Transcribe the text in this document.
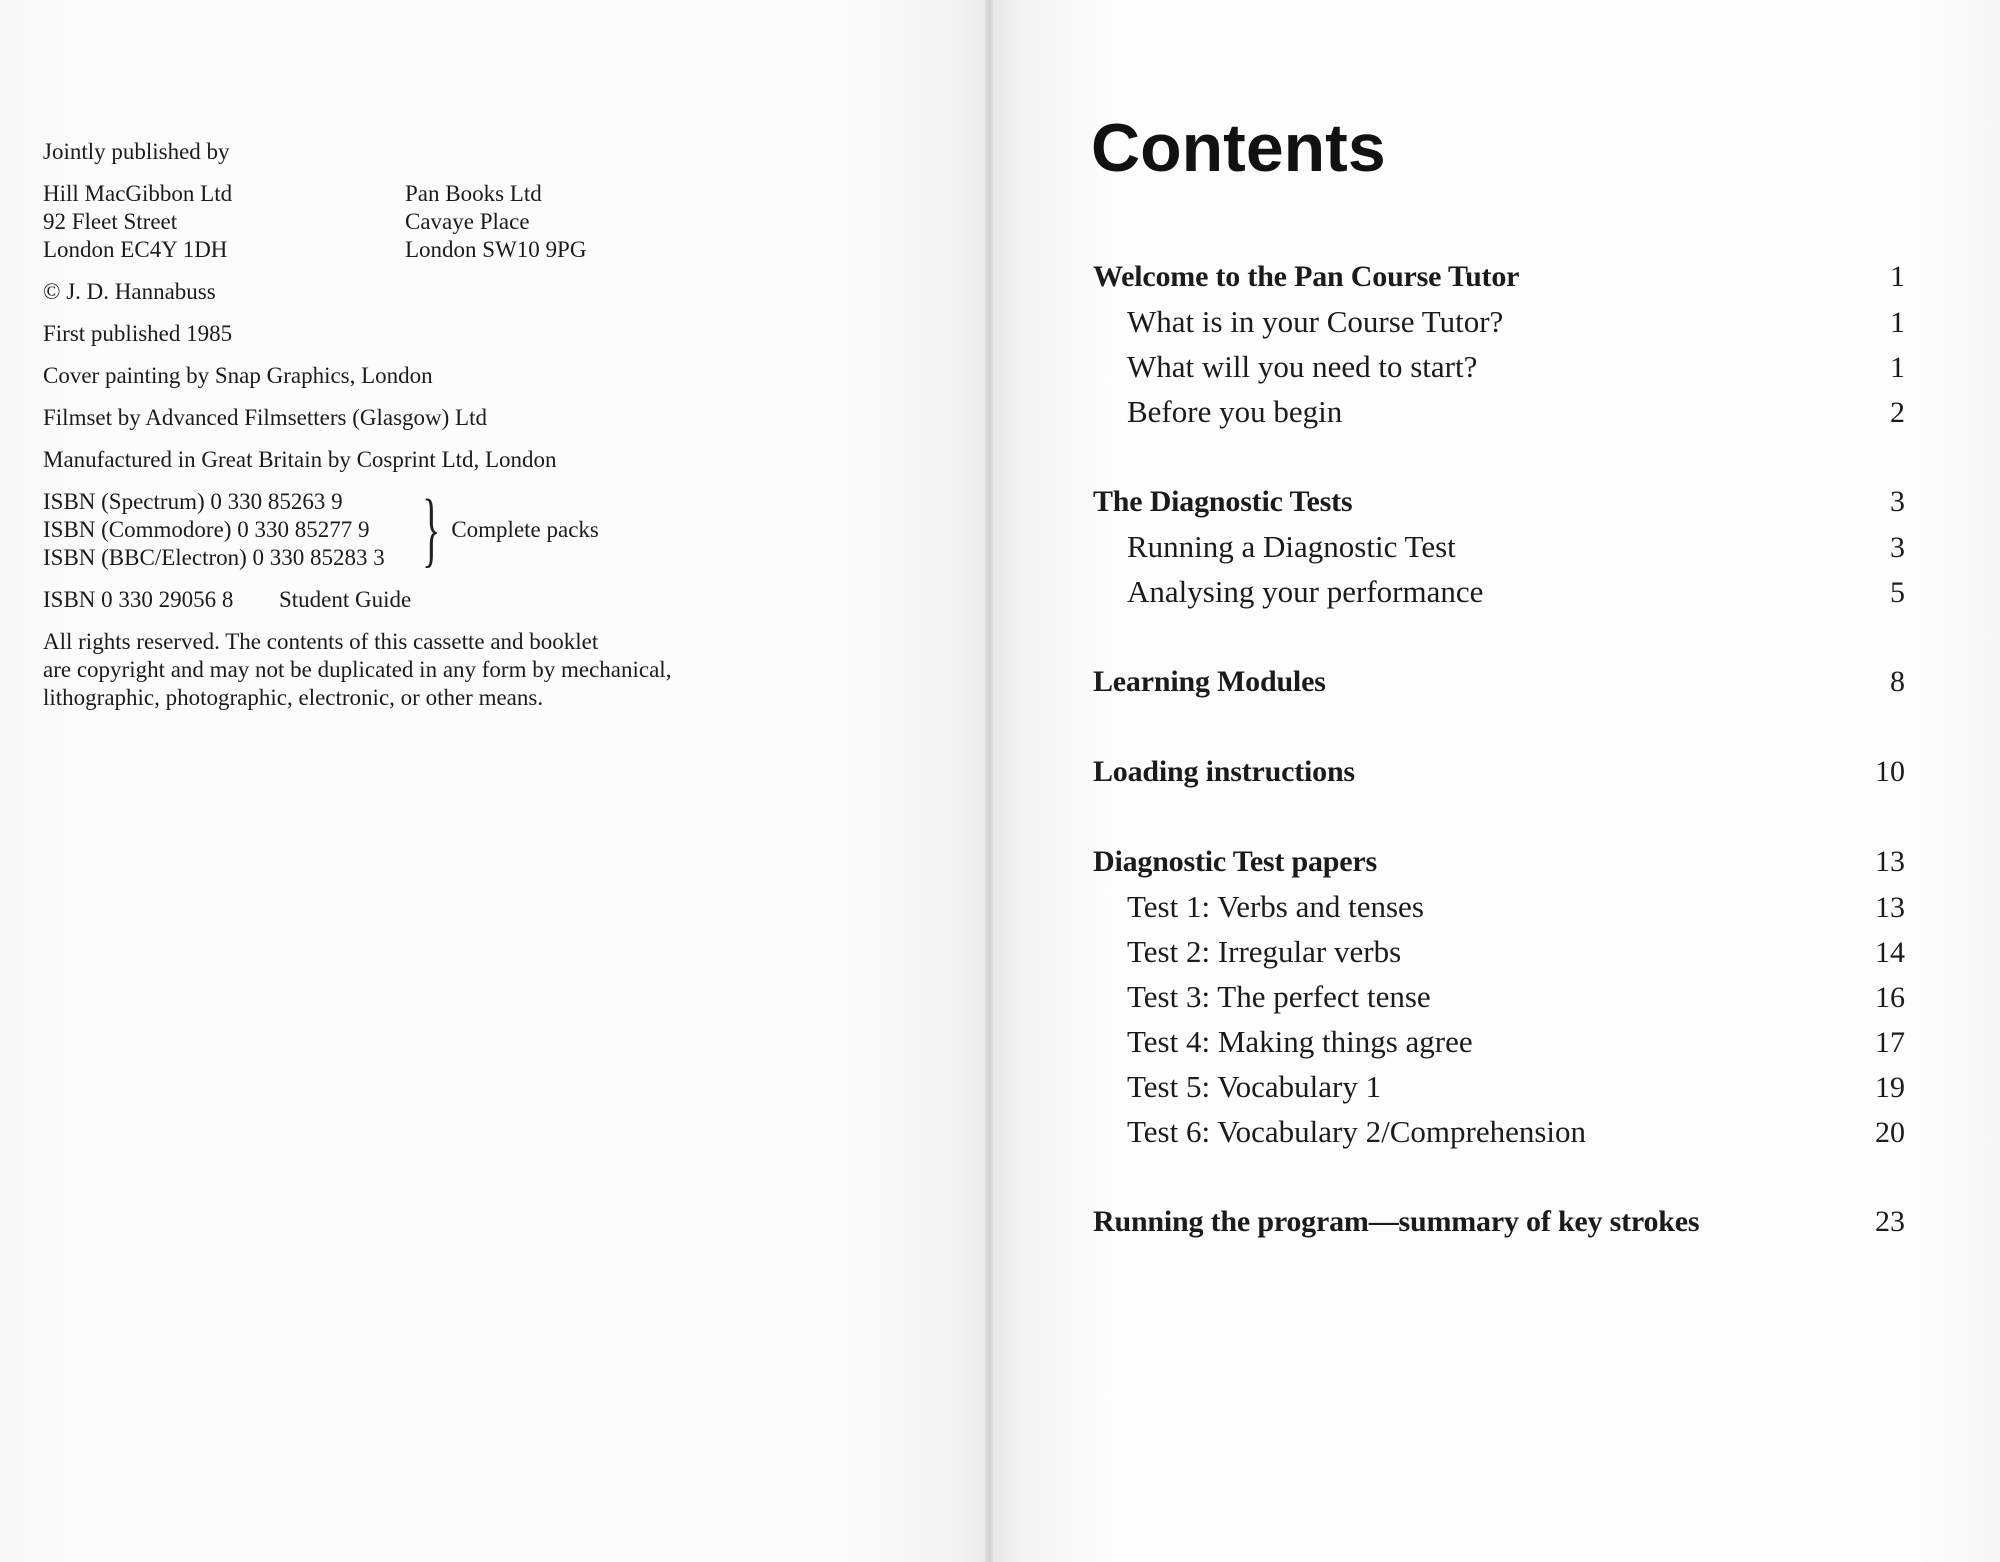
Jointly published by

Hill MacGibbon Ltd
92 Fleet Street
London EC4Y 1DH

Pan Books Ltd
Cavaye Place
London SW10 9PG

© J. D. Hannabuss

First published 1985

Cover painting by Snap Graphics, London

Filmset by Advanced Filmsetters (Glasgow) Ltd

Manufactured in Great Britain by Cosprint Ltd, London

ISBN (Spectrum) 0 330 85263 9
ISBN (Commodore) 0 330 85277 9
ISBN (BBC/Electron) 0 330 85283 3 } Complete packs

ISBN 0 330 29056 8 Student Guide

All rights reserved. The contents of this cassette and booklet
are copyright and may not be duplicated in any form by mechanical,
lithographic, photographic, electronic, or other means.

Contents
Welcome to the Pan Course Tutor	1
What is in your Course Tutor?	1
What will you need to start?	1
Before you begin	2
The Diagnostic Tests	3
Running a Diagnostic Test	3
Analysing your performance	5
Learning Modules	8
Loading instructions	10
Diagnostic Test papers	13
Test 1: Verbs and tenses	13
Test 2: Irregular verbs	14
Test 3: The perfect tense	16
Test 4: Making things agree	17
Test 5: Vocabulary 1	19
Test 6: Vocabulary 2/Comprehension	20
Running the program—summary of key strokes	23
